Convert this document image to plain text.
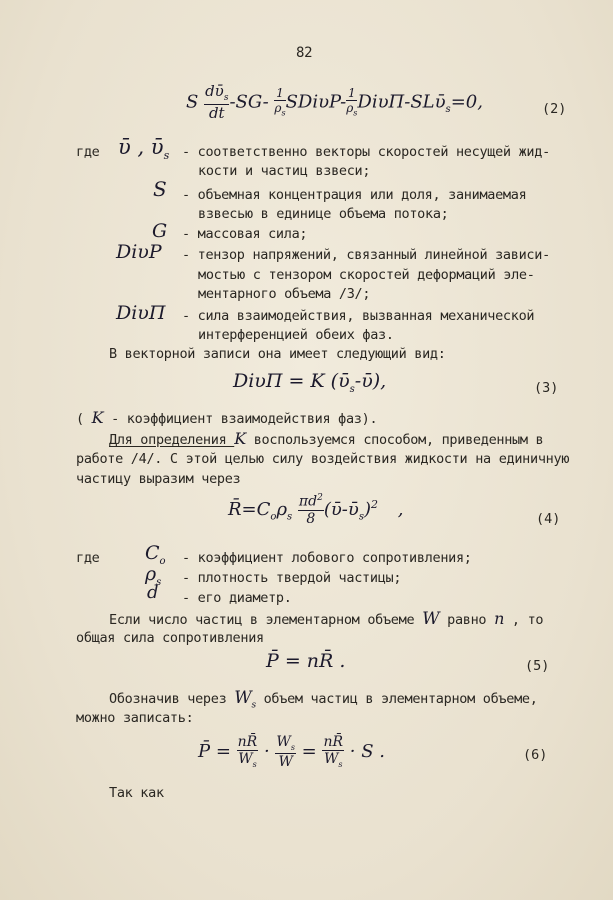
82
S $\frac{dῡ_s}{dt} -SG- \frac{1}{\rho_s} SDi\upsilon P- \frac{1}{\rho_s}$ DiυΠ-SLῡ$_s$=0,	(2)
где ῡ , ῡ$_s$ - соответственно векторы скоростей несущей жид-
кости и частиц взвеси;
S - объемная концентрация или доля, занимаемая
взвесью в единице объема потока;
G - массовая сила;
DiυP - тензор напряжений, связанный линейной зависи-
мостью с тензором скоростей деформаций эле-
ментарного объема /3/;
DiυΠ - сила взаимодействия, вызванная механической
интерференцией обеих фаз.
В векторной записи она имеет следующий вид:
DiυΠ = K (ῡ$_s$-ῡ),	(3)
( K - коэффициент взаимодействия фаз).
Для определения K воспользуемся способом, приведенным в
работе /4/. С этой целью силу воздействия жидкости на единичную
частицу выразим через
$R̄=C_o\rho_s \frac{\pi d^2}{8}$ (ῡ-ῡ$_s$)$^2$ ,	(4)
где $C_o$ - коэффициент лобового сопротивления;
$\rho_s$ - плотность твердой частицы;
d - его диаметр.
Если число частиц в элементарном объеме W равно n , то
общая сила сопротивления
P̄ = nR̄ .	(5)
Обозначив через $W_s$ объем частиц в элементарном объеме,
можно записать:
P̄ = $\frac{nR̄}{W_s} \cdot \frac{W_s}{W} = \frac{nR̄}{W_s} \cdot S$ .	(6)
Так как
